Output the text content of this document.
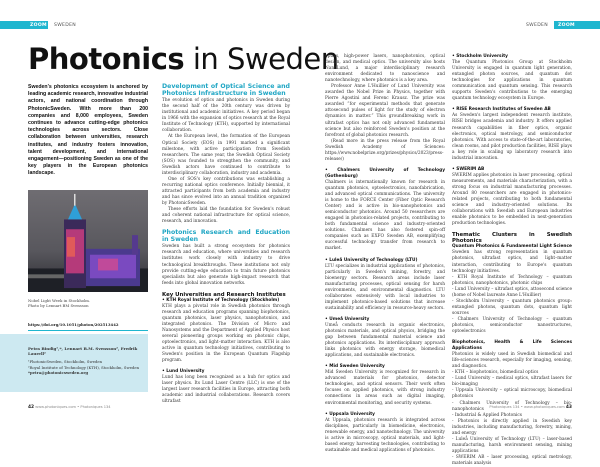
ZOOM	SWEDEN	SWEDEN	ZOOM
Photonics in Sweden
Sweden's photonics ecosystem is anchored by leading academic research, innovative industrial actors, and national coordination through PhotonicSweden. With more than 200 companies and 8,000 employees, Sweden continues to advance cutting-edge photonics technologies across sectors. Close collaboration between universities, research institutes, and industry fosters innovation, talent development, and international engagement—positioning Sweden as one of the key players in the European photonics landscape.
Nobel Light Week in Stockholm.
Photo by Lennart BM Svensson
https://doi.org/10.1051/photon/202513442
Petra Bindig¹,*, Lennart B.M. Svensson², Fredrik Laurell²
¹PhotonicSweden, Stockholm, Sweden
²Royal Institute of Technology (KTH), Stockholm, Sweden
*petra@photonicsweden.org
42 www.photoniques.com • Photoniques 134	Photoniques 134 • www.photoniques.com 43
Development of Optical Science and Photonics Infrastructure in Sweden

The evolution of optics and photonics in Sweden during the second half of the 20th century was driven by institutional and academic initiatives. A key period began in 1966 with the expansion of optics research at the Royal Institute of Technology (KTH), supported by international collaboration.

At the European level, the formation of the European Optical Society (EOS) in 1991 marked a significant milestone, with active participation from Swedish researchers. The same year, the Swedish Optical Society (SOS) was founded to strengthen the community, and Swedish actors have continued to contribute to interdisciplinary collaboration, industry and academia.

One of SOS's key contributions was establishing a recurring national optics conference. Initially biennial, it attracted participants from both academia and industry and has since evolved into an annual tradition organized by PhotonicSweden.

These efforts laid the foundation for Sweden's robust and coherent national infrastructure for optical science, research, and innovation.

Photonics Research and Education in Sweden

Sweden has built a strong ecosystem for photonics research and education, where universities and research institutes work closely with industry to drive technological breakthroughs. These institutions not only provide cutting-edge education to train future photonics specialists but also generate high-impact research that feeds into global innovation networks.

Key Universities and Research Institutes
• KTH Royal Institute of Technology (Stockholm)

KTH plays a pivotal role in Swedish photonics through research and education programs spanning biophotonics, quantum photonics, laser physics, nanophotonics, and integrated photonics. The Division of Micro and Nanosystems and the Department of Applied Physics host several pioneering groups working on photonic chips, optoelectronics, and light–matter interaction. KTH is also active in quantum technology initiatives, contributing to Sweden's position in the European Quantum Flagship program.

• Lund University

Lund has long been recognized as a hub for optics and laser physics. Its Lund Laser Centre (LLC) is one of the largest laser research facilities in Europe, attracting both academic and industrial collaborations. Research covers ultrafast

optics, high-power lasers, nanophotonics, optical design, and medical optics. The university also hosts NanoLund, a major interdisciplinary research environment dedicated to nanoscience and nanotechnology, where photonics is a key area.

Professor Anne L'Huillier of Lund University was awarded the Nobel Prize in Physics, together with Pierre Agostini and Ferenc Krausz. The prize was awarded “for experimental methods that generate attosecond pulses of light for the study of electron dynamics in matter.” This groundbreaking work in ultrafast optics has not only advanced fundamental science but also reinforced Sweden's position at the forefront of global photonics research.

(Read more in the press release from the Royal Swedish Academy of Sciences: https://www.nobelprize.org/prizes/physics/2023/press-release/)

• Chalmers University of Technology (Gothenburg)

Chalmers is internationally known for research in quantum photonics, optoelectronics, nanofabrication, and advanced optical communications. The university is home to the FORCE Center (Fiber Optic Research Center) and is active in bio-nanophotonics and semiconductor photonics. Around 50 researchers are engaged in photonics-related projects, contributing to both fundamental science and industry-oriented solutions. Chalmers has also fostered spin-off companies such as EXFO Sweden AB, exemplifying successful technology transfer from research to market.

• Luleå University of Technology (LTU)

LTU specializes in industrial applications of photonics, particularly in Sweden's mining, forestry, and bioenergy sectors. Research areas include laser manufacturing processes, optical sensing for harsh environments, and environmental diagnostics. LTU collaborates extensively with local industries to implement photonics-based solutions that increase sustainability and efficiency in resource-heavy sectors.

• Umeå University

Umeå conducts research in organic electronics, photonics materials, and optical physics, bridging the gap between fundamental material science and photonics applications. Its interdisciplinary approach links photonics with energy storage, biomedical applications, and sustainable electronics.

• Mid Sweden University

Mid Sweden University is recognized for research in advanced materials for photonics, detector technologies, and optical sensors. Their work often focuses on applied photonics, with strong industry connections in areas such as digital imaging, environmental monitoring, and security systems.

• Uppsala University

At Uppsala, photonics research is integrated across disciplines, particularly in biomedicine, electronics, renewable energy, and nanotechnology. The university is active in microscopy, optical materials, and light-based energy harvesting technologies, contributing to sustainable and medical applications of photonics.

• Stockholm University

The Quantum Photonics Group at Stockholm University is engaged in quantum light generation, entangled photon sources, and quantum dot technologies for applications in quantum communication and quantum sensing. This research supports Sweden's contributions to the emerging quantum technology ecosystem in Europe.

• RISE Research Institutes of Sweden AB

As Sweden's largest independent research institute, RISE bridges academia and industry. It offers applied research capabilities in fiber optics, organic electronics, optical metrology, and semiconductor photonics. With access to state-of-the-art laboratories, clean rooms, and pilot production facilities, RISE plays a key role in scaling up laboratory research into industrial innovation.

• SWERIM AB

SWERIM applies photonics in laser processing, optical measurements, and materials characterization, with a strong focus on industrial manufacturing processes. Around 80 researchers are engaged in photonics-related projects, contributing to both fundamental science and industry-oriented solutions. Its collaborations with Swedish and European industries enable photonics to be embedded in next-generation production technologies.

Thematic Clusters in Swedish Photonics
Quantum Photonics & Fundamental Light Science

Sweden has strong representation in quantum photonics, ultrafast optics, and light–matter interaction, contributing to Europe's quantum technology initiatives.

- KTH Royal Institute of Technology – quantum photonics, nanophotonics, photonic chips
- Lund University – ultrafast optics, attosecond science (home of Nobel laureate Anne L'Huillier)
- Stockholm University – quantum photonics group: entangled photons, quantum dots, quantum light sources
- Chalmers University of Technology – quantum photonics, semiconductor nanostructures, optoelectronics
Biophotonics, Health & Life Sciences Applications

Photonics is widely used in Swedish biomedical and life-sciences research, especially for imaging, sensing, and diagnostics.

- KTH – biophotonics, biomedical optics
- Lund University – medical optics, ultrafast lasers for bio-imaging
- Uppsala University – optical microscopy, biomedical photonics
- Chalmers University of Technology – bio-nanophotonics
- Industrial & Applied Photonics
- Photonics is directly applied in Swedish key industries, including manufacturing, forestry, mining, and energy
- Luleå University of Technology (LTU) – laser-based manufacturing, harsh environment sensing, mining applications
- SWERIM AB – laser processing, optical metrology, materials analysis
